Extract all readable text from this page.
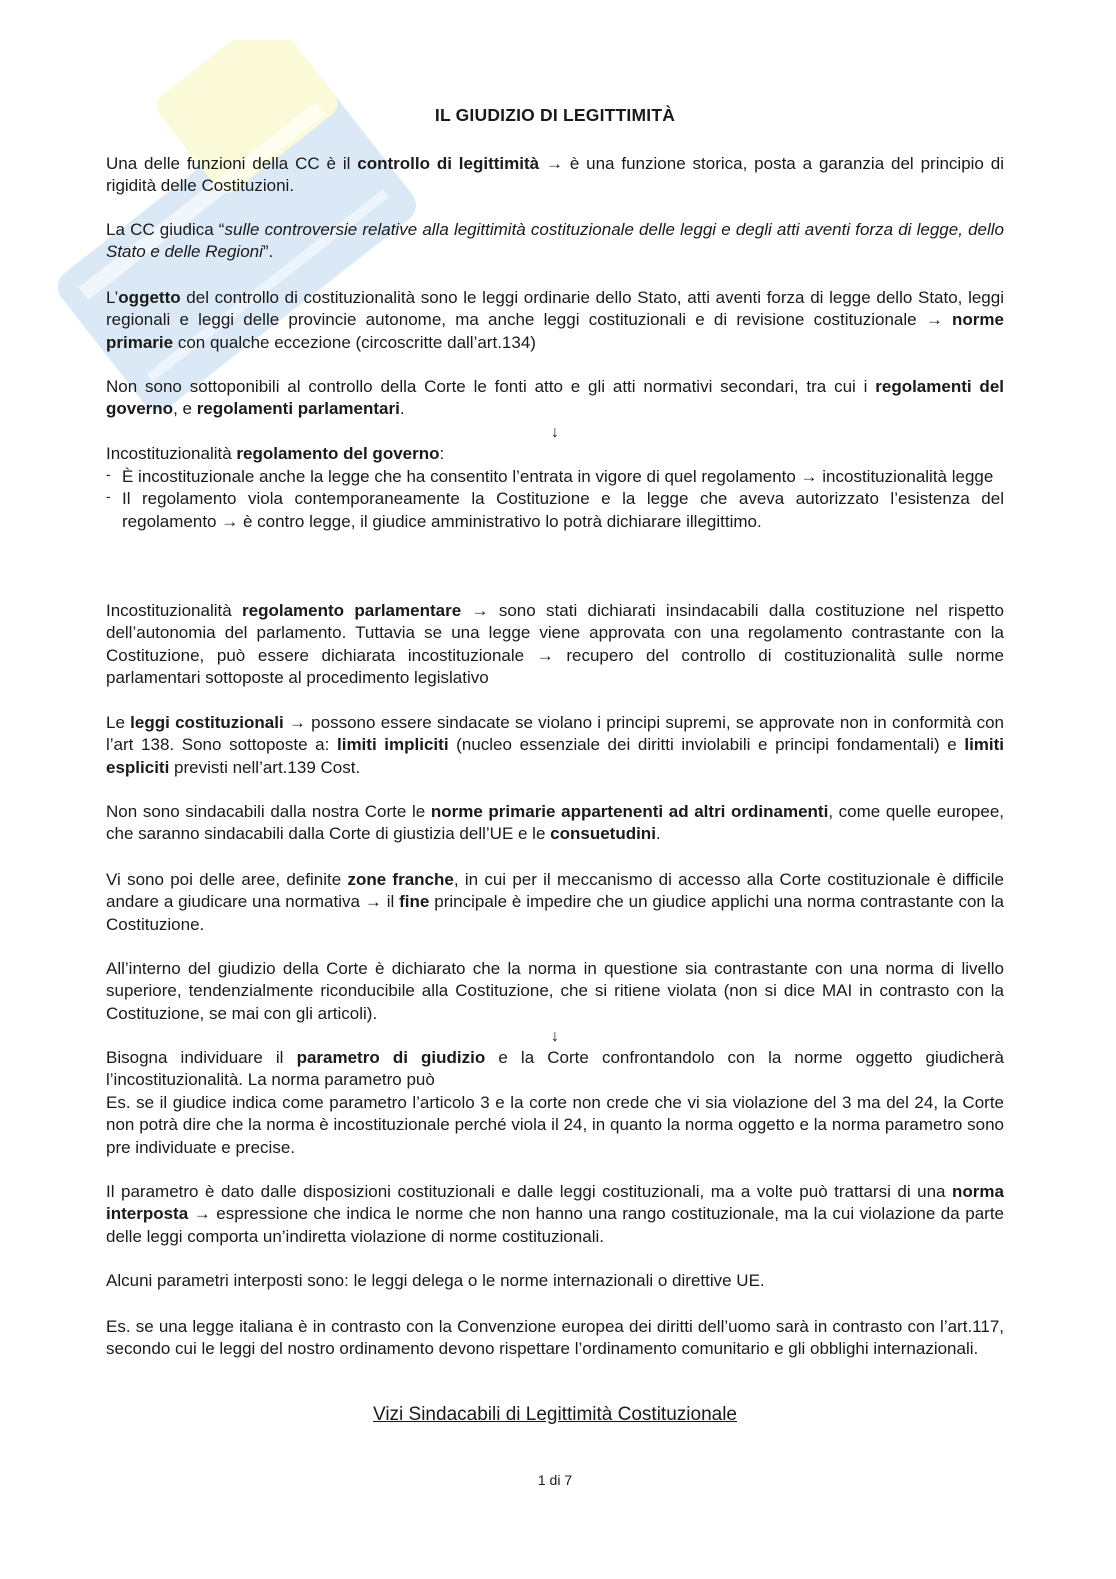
IL GIUDIZIO DI LEGITTIMITÀ

Una delle funzioni della CC è il controllo di legittimità → è una funzione storica, posta a garanzia del principio di rigidità delle Costituzioni.

La CC giudica “sulle controversie relative alla legittimità costituzionale delle leggi e degli atti aventi forza di legge, dello Stato e delle Regioni”.

L’oggetto del controllo di costituzionalità sono le leggi ordinarie dello Stato, atti aventi forza di legge dello Stato, leggi regionali e leggi delle provincie autonome, ma anche leggi costituzionali e di revisione costituzionale → norme primarie con qualche eccezione (circoscritte dall’art.134)

Non sono sottoponibili al controllo della Corte le fonti atto e gli atti normativi secondari, tra cui i regolamenti del governo, e regolamenti parlamentari.

↓

Incostituzionalità regolamento del governo:

- È incostituzionale anche la legge che ha consentito l’entrata in vigore di quel regolamento → incostituzionalità legge
- Il regolamento viola contemporaneamente la Costituzione e la legge che aveva autorizzato l’esistenza del regolamento → è contro legge, il giudice amministrativo lo potrà dichiarare illegittimo.

Incostituzionalità regolamento parlamentare → sono stati dichiarati insindacabili dalla costituzione nel rispetto dell’autonomia del parlamento. Tuttavia se una legge viene approvata con una regolamento contrastante con la Costituzione, può essere dichiarata incostituzionale → recupero del controllo di costituzionalità sulle norme parlamentari sottoposte al procedimento legislativo

Le leggi costituzionali → possono essere sindacate se violano i principi supremi, se approvate non in conformità con l’art 138. Sono sottoposte a: limiti impliciti (nucleo essenziale dei diritti inviolabili e principi fondamentali) e limiti espliciti previsti nell’art.139 Cost.

Non sono sindacabili dalla nostra Corte le norme primarie appartenenti ad altri ordinamenti, come quelle europee, che saranno sindacabili dalla Corte di giustizia dell’UE e le consuetudini.

Vi sono poi delle aree, definite zone franche, in cui per il meccanismo di accesso alla Corte costituzionale è difficile andare a giudicare una normativa → il fine principale è impedire che un giudice applichi una norma contrastante con la Costituzione.

All’interno del giudizio della Corte è dichiarato che la norma in questione sia contrastante con una norma di livello superiore, tendenzialmente riconducibile alla Costituzione, che si ritiene violata (non si dice MAI in contrasto con la Costituzione, se mai con gli articoli).

↓

Bisogna individuare il parametro di giudizio e la Corte confrontandolo con la norme oggetto giudicherà l’incostituzionalità. La norma parametro può

Es. se il giudice indica come parametro l’articolo 3 e la corte non crede che vi sia violazione del 3 ma del 24, la Corte non potrà dire che la norma è incostituzionale perché viola il 24, in quanto la norma oggetto e la norma parametro sono pre individuate e precise.

Il parametro è dato dalle disposizioni costituzionali e dalle leggi costituzionali, ma a volte può trattarsi di una norma interposta → espressione che indica le norme che non hanno una rango costituzionale, ma la cui violazione da parte delle leggi comporta un’indiretta violazione di norme costituzionali.

Alcuni parametri interposti sono: le leggi delega o le norme internazionali o direttive UE.

Es. se una legge italiana è in contrasto con la Convenzione europea dei diritti dell’uomo sarà in contrasto con l’art.117, secondo cui le leggi del nostro ordinamento devono rispettare l’ordinamento comunitario e gli obblighi internazionali.

Vizi Sindacabili di Legittimità Costituzionale
1 di 7
